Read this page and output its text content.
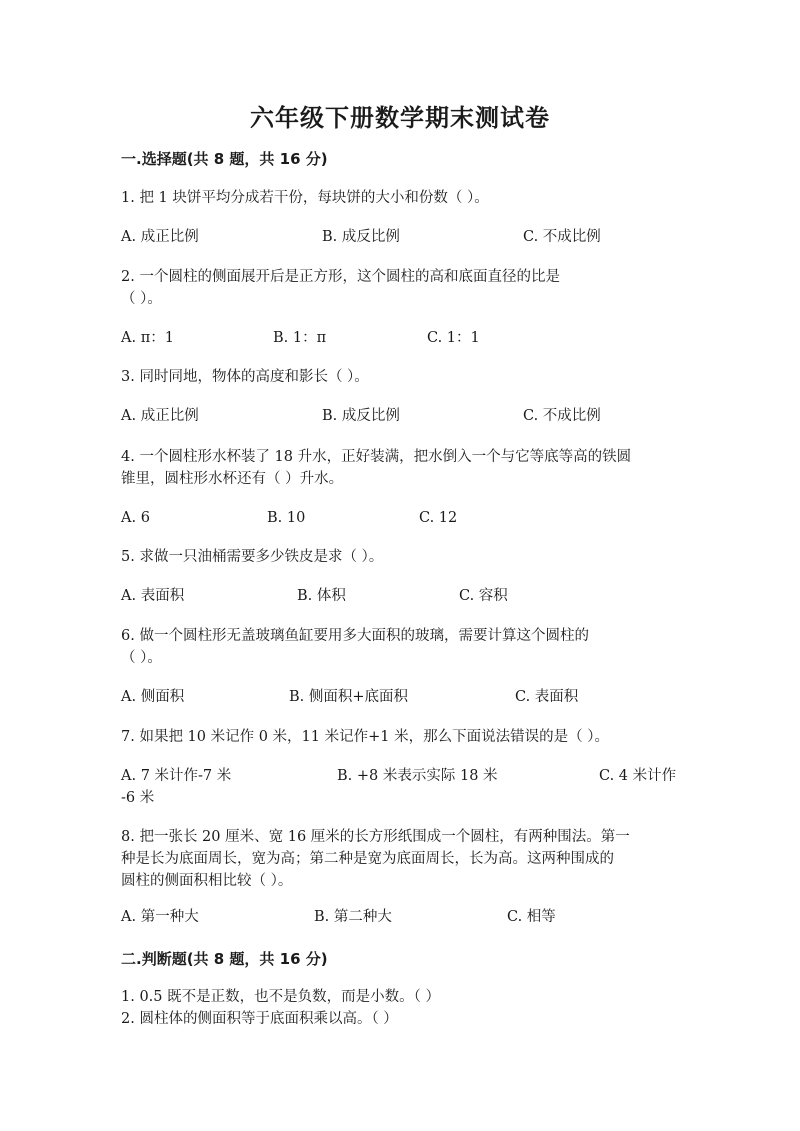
六年级下册数学期末测试卷
一.选择题(共 8 题，共 16 分)
1. 把 1 块饼平均分成若干份，每块饼的大小和份数（ ）。
A. 成正比例	B. 成反比例	C. 不成比例
2. 一个圆柱的侧面展开后是正方形，这个圆柱的高和底面直径的比是
（ ）。
A. π：1	B. 1：π	C. 1：1
3. 同时同地，物体的高度和影长（ ）。
A. 成正比例	B. 成反比例	C. 不成比例
4. 一个圆柱形水杯装了 18 升水，正好装满，把水倒入一个与它等底等高的铁圆
锥里，圆柱形水杯还有（ ）升水。
A. 6	B. 10	C. 12
5. 求做一只油桶需要多少铁皮是求（ ）。
A. 表面积	B. 体积	C. 容积
6. 做一个圆柱形无盖玻璃鱼缸要用多大面积的玻璃，需要计算这个圆柱的
（ ）。
A. 侧面积	B. 侧面积+底面积	C. 表面积
7. 如果把 10 米记作 0 米，11 米记作+1 米，那么下面说法错误的是（ ）。
A. 7 米计作-7 米	B. +8 米表示实际 18 米	C. 4 米计作
-6 米
8. 把一张长 20 厘米、宽 16 厘米的长方形纸围成一个圆柱，有两种围法。第一
种是长为底面周长，宽为高；第二种是宽为底面周长，长为高。这两种围成的
圆柱的侧面积相比较（ ）。
A. 第一种大	B. 第二种大	C. 相等
二.判断题(共 8 题，共 16 分)
1. 0.5 既不是正数，也不是负数，而是小数。（ ）
2. 圆柱体的侧面积等于底面积乘以高。（ ）
